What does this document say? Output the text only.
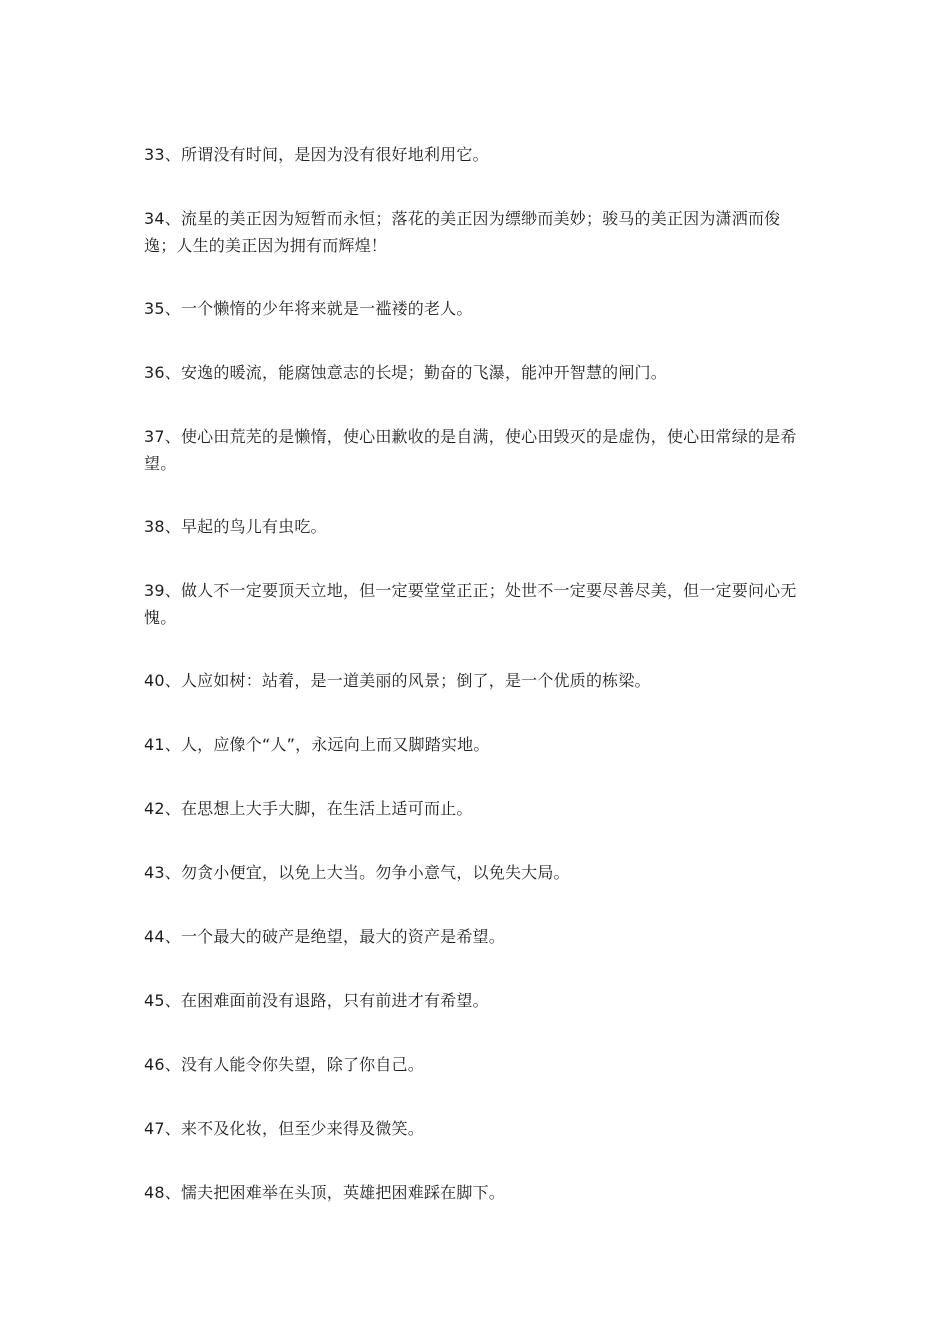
33、所谓没有时间，是因为没有很好地利用它。
34、流星的美正因为短暂而永恒；落花的美正因为缥缈而美妙；骏马的美正因为潇洒而俊逸；人生的美正因为拥有而辉煌！
35、一个懒惰的少年将来就是一褴褛的老人。
36、安逸的暖流，能腐蚀意志的长堤；勤奋的飞瀑，能冲开智慧的闸门。
37、使心田荒芜的是懒惰，使心田歉收的是自满，使心田毁灭的是虚伪，使心田常绿的是希望。
38、早起的鸟儿有虫吃。
39、做人不一定要顶天立地，但一定要堂堂正正；处世不一定要尽善尽美，但一定要问心无愧。
40、人应如树：站着，是一道美丽的风景；倒了，是一个优质的栋梁。
41、人，应像个“人”，永远向上而又脚踏实地。
42、在思想上大手大脚，在生活上适可而止。
43、勿贪小便宜，以免上大当。勿争小意气，以免失大局。
44、一个最大的破产是绝望，最大的资产是希望。
45、在困难面前没有退路，只有前进才有希望。
46、没有人能令你失望，除了你自己。
47、来不及化妆，但至少来得及微笑。
48、懦夫把困难举在头顶，英雄把困难踩在脚下。
